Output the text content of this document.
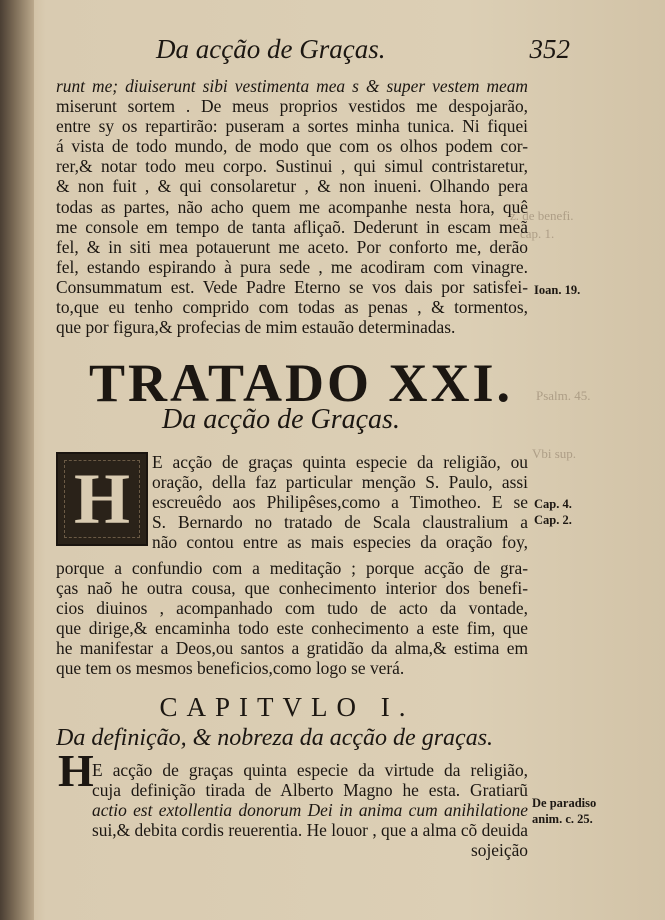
z. de benefi.
cap. 1.
Psalm. 45.
Vbi sup.
Da acção de Graças.	352
runt me; diuiserunt sibi vestimenta mea s & super vestem meam
miserunt sortem . De meus proprios vestidos me despojarão,
entre sy os repartirão: puseram a sortes minha tunica. Ni fiquei
á vista de todo mundo, de modo que com os olhos podem cor-
rer,& notar todo meu corpo. Sustinui , qui simul contristaretur,
& non fuit , & qui consolaretur , & non inueni. Olhando pera
todas as partes, não acho quem me acompanhe nesta hora, quê
me console em tempo de tanta afliçaõ. Dederunt in escam meã
fel, & in siti mea potauerunt me aceto. Por conforto me, derão
fel, estando espirando à pura sede , me acodiram com vinagre.
Consummatum est. Vede Padre Eterno se vos dais por satisfei-
to,que eu tenho comprido com todas as penas , & tormentos,
que por figura,& profecias de mim estauão determinadas.
Ioan. 19.
TRATADO XXI.
Da acção de Graças.
H E acção de graças quinta especie da religião, ou
oração, della faz particular menção S. Paulo, assi
escreuêdo aos Philipêses,como a Timotheo. E se
S. Bernardo no tratado de Scala claustralium a
não contou entre as mais especies da oração foy,
porque a confundio com a meditação ; porque acção de gra-
ças naõ he outra cousa, que conhecimento interior dos benefi-
cios diuinos , acompanhado com tudo de acto da vontade,
que dirige,& encaminha todo este conhecimento a este fim, que
he manifestar a Deos,ou santos a gratidão da alma,& estima em
que tem os mesmos beneficios,como logo se verá.
Cap. 4.
Cap. 2.
CAPITVLO I.
Da definição, & nobreza da acção de graças.
H
E acção de graças quinta especie da virtude da religião,
cuja definição tirada de Alberto Magno he esta. Gratiarũ
actio est extollentia donorum Dei in anima cum anihilatione
sui,& debita cordis reuerentia. He louor , que a alma cõ deuida
sojeição
De paradiso
anim. c. 25.
